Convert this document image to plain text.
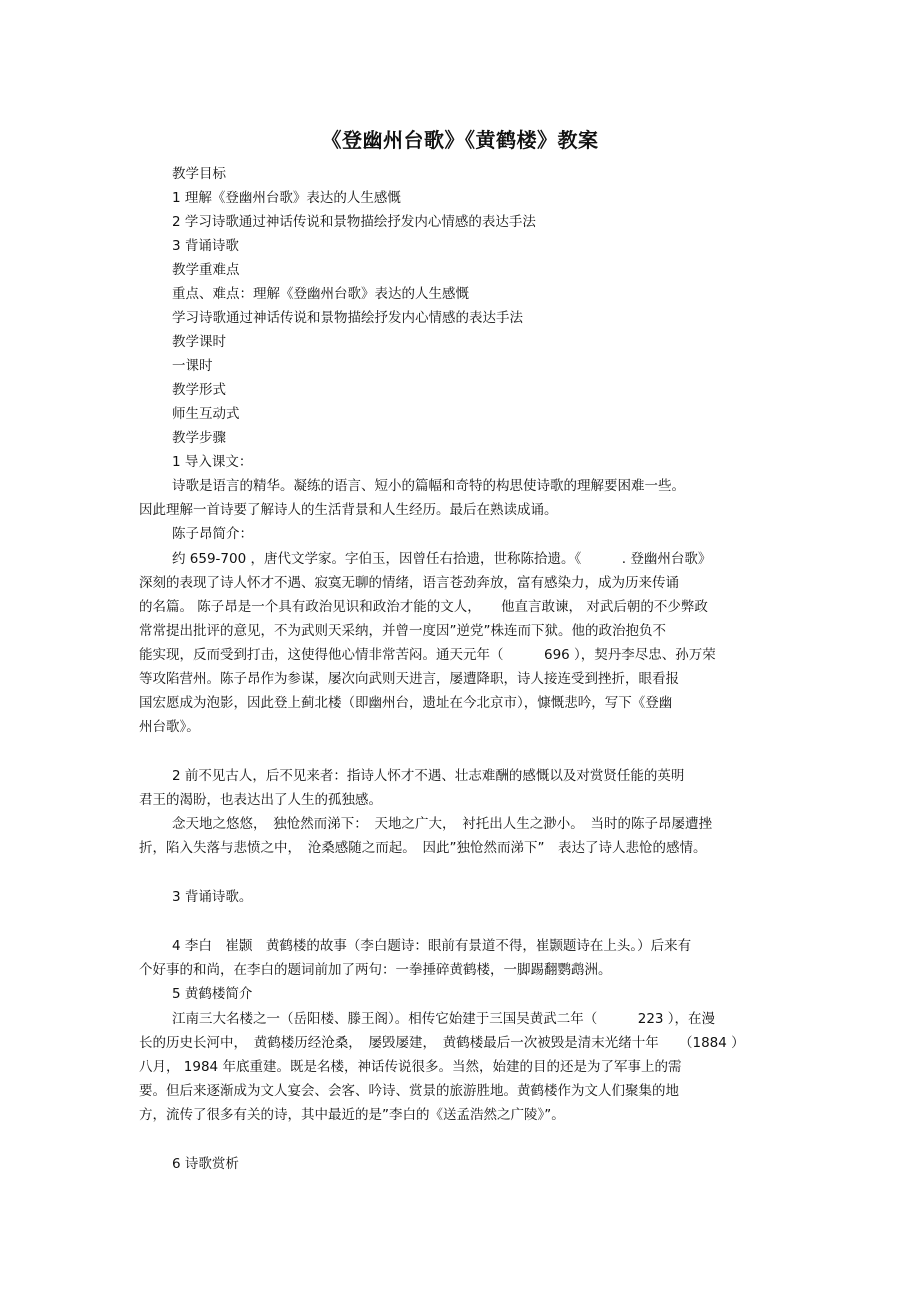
《登幽州台歌》《黄鹤楼》教案
教学目标
1 理解《登幽州台歌》表达的人生感慨
2 学习诗歌通过神话传说和景物描绘抒发内心情感的表达手法
3 背诵诗歌
教学重难点
重点、难点：理解《登幽州台歌》表达的人生感慨
学习诗歌通过神话传说和景物描绘抒发内心情感的表达手法
教学课时
一课时
教学形式
师生互动式
教学步骤
1 导入课文：
诗歌是语言的精华。凝练的语言、短小的篇幅和奇特的构思使诗歌的理解要困难一些。
因此理解一首诗要了解诗人的生活背景和人生经历。最后在熟读成诵。
陈子昂简介：
约 659-700 ，唐代文学家。字伯玉，因曾任右拾遗，世称陈拾遗。《　　　. 登幽州台歌》
深刻的表现了诗人怀才不遇、寂寞无聊的情绪，语言苍劲奔放，富有感染力，成为历来传诵
的名篇。 陈子昂是一个具有政治见识和政治才能的文人，　　他直言敢谏， 对武后朝的不少弊政
常常提出批评的意见，不为武则天采纳，并曾一度因”逆党”株连而下狱。他的政治抱负不
能实现，反而受到打击，这使得他心情非常苦闷。通天元年（　　　696 ），契丹李尽忠、孙万荣
等攻陷营州。陈子昂作为参谋，屡次向武则天进言，屡遭降职，诗人接连受到挫折，眼看报
国宏愿成为泡影，因此登上蓟北楼（即幽州台，遗址在今北京市），慷慨悲吟，写下《登幽
州台歌》。
2 前不见古人，后不见来者：指诗人怀才不遇、壮志难酬的感慨以及对赏贤任能的英明
君王的渴盼，也表达出了人生的孤独感。
念天地之悠悠，　独怆然而涕下：　天地之广大，　衬托出人生之渺小。　当时的陈子昂屡遭挫
折，陷入失落与悲愤之中，　沧桑感随之而起。　因此”独怆然而涕下”　表达了诗人悲怆的感情。
3 背诵诗歌。
4 李白　崔颢　黄鹤楼的故事（李白题诗：眼前有景道不得，崔颢题诗在上头。）后来有
个好事的和尚，在李白的题词前加了两句：一拳捶碎黄鹤楼，一脚踢翻鹦鹉洲。
5 黄鹤楼简介
江南三大名楼之一（岳阳楼、滕王阁）。相传它始建于三国吴黄武二年（　　　223 ），在漫
长的历史长河中，　黄鹤楼历经沧桑，　屡毁屡建，　黄鹤楼最后一次被毁是清末光绪十年　　（1884 ）
八月， 1984 年底重建。既是名楼，神话传说很多。当然，始建的目的还是为了军事上的需
要。但后来逐渐成为文人宴会、会客、吟诗、赏景的旅游胜地。黄鹤楼作为文人们聚集的地
方，流传了很多有关的诗，其中最近的是”李白的《送孟浩然之广陵》”。
6 诗歌赏析
